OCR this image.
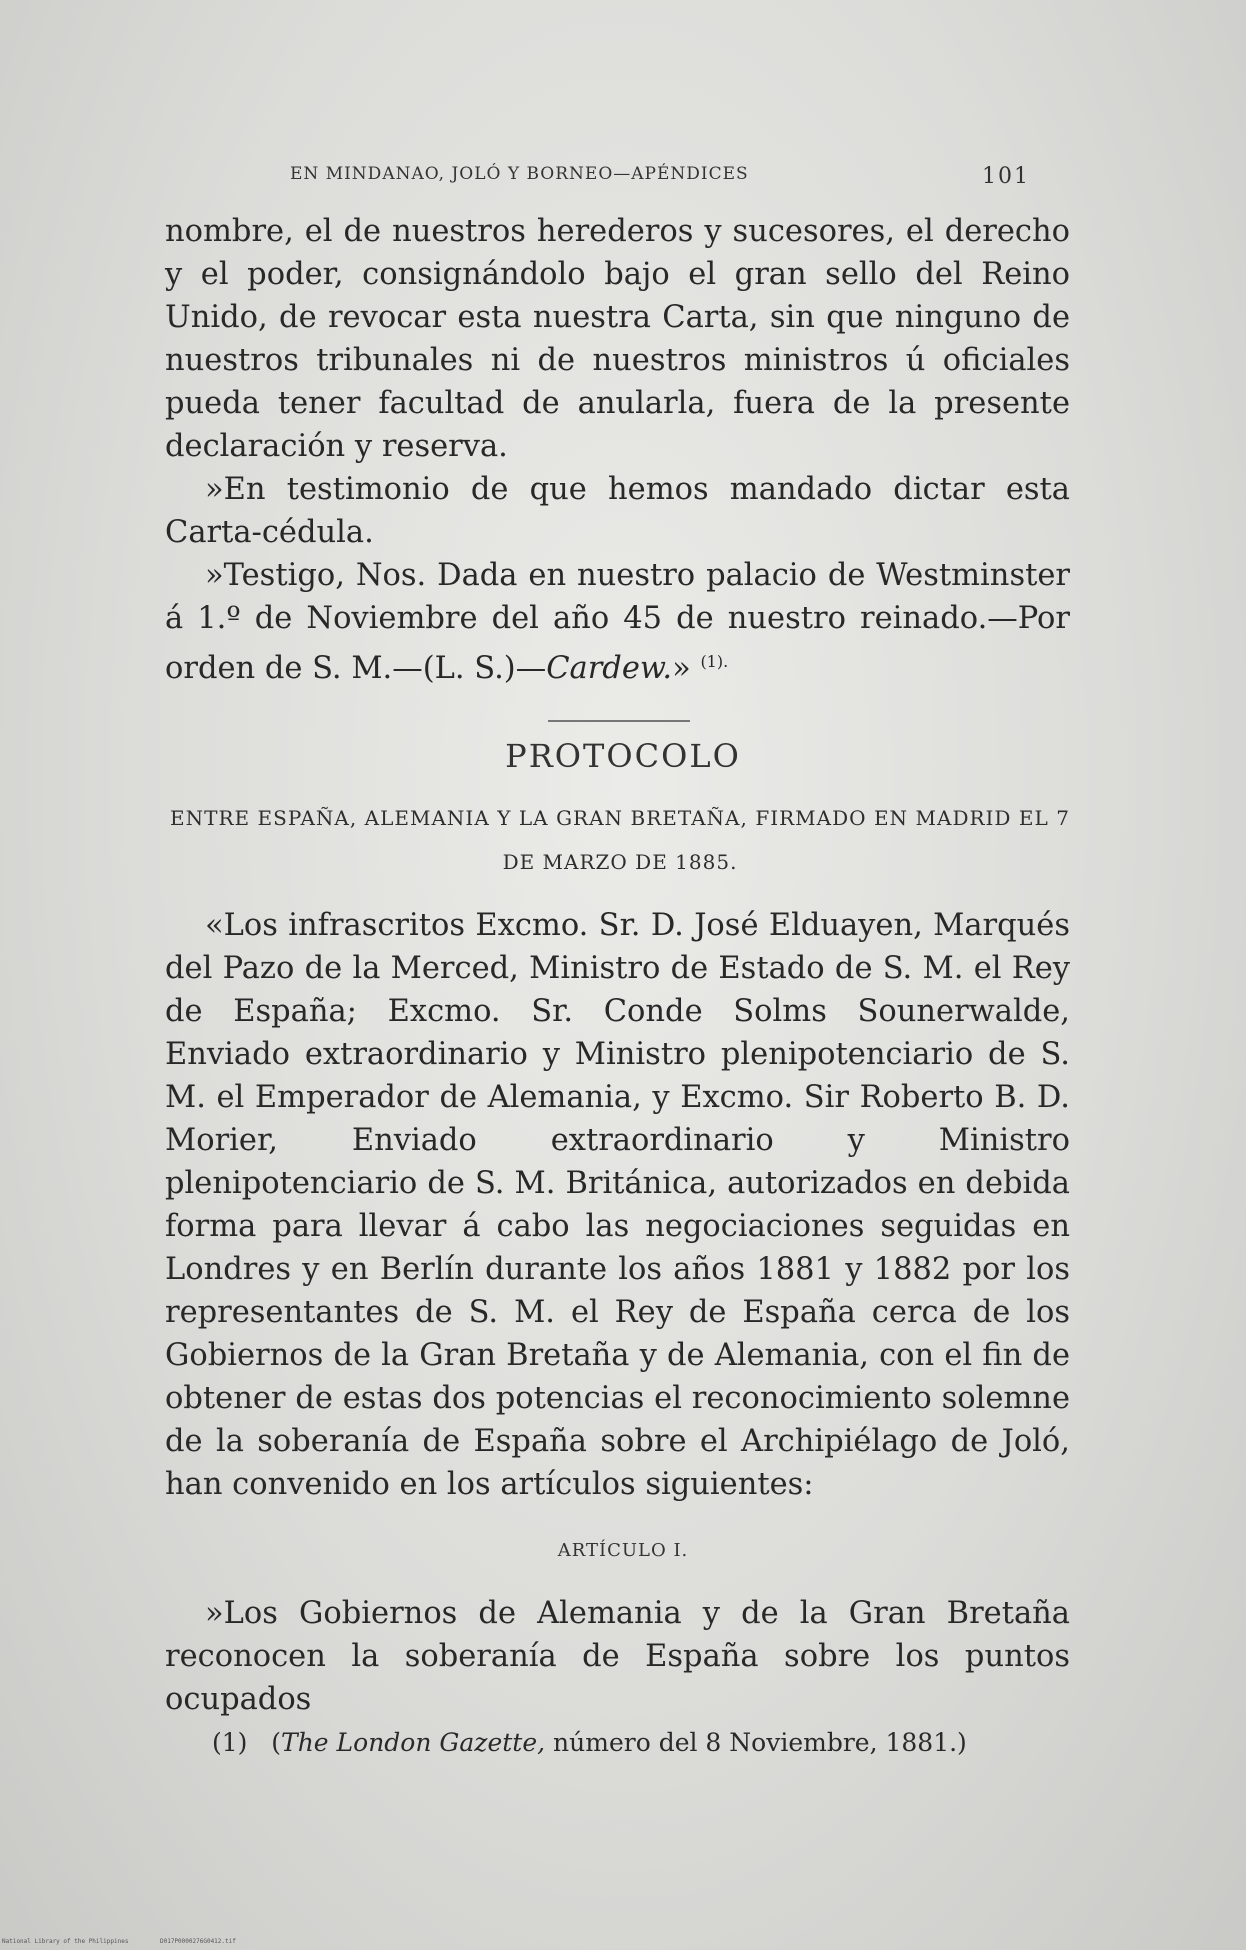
EN MINDANAO, JOLÓ Y BORNEO—APÉNDICES	101

nombre, el de nuestros herederos y sucesores, el derecho y el poder, consignándolo bajo el gran sello del Reino Unido, de revocar esta nuestra Carta, sin que ninguno de nuestros tribunales ni de nuestros ministros ú oficiales pueda tener facultad de anularla, fuera de la presente declaración y reserva.

»En testimonio de que hemos mandado dictar esta Carta-cédula.

»Testigo, Nos. Dada en nuestro palacio de Westminster á 1.º de Noviembre del año 45 de nuestro reinado.—Por orden de S. M.—(L. S.)—Cardew.» $^{(1).}$

PROTOCOLO
ENTRE ESPAÑA, ALEMANIA Y LA GRAN BRETAÑA, FIRMADO EN MADRID EL 7 DE MARZO DE 1885.

«Los infrascritos Excmo. Sr. D. José Elduayen, Marqués del Pazo de la Merced, Ministro de Estado de S. M. el Rey de España; Excmo. Sr. Conde Solms Sounerwalde, Enviado extraordinario y Ministro plenipotenciario de S. M. el Emperador de Alemania, y Excmo. Sir Roberto B. D. Morier, Enviado extraordinario y Ministro plenipotenciario de S. M. Británica, autorizados en debida forma para llevar á cabo las negociaciones seguidas en Londres y en Berlín durante los años 1881 y 1882 por los representantes de S. M. el Rey de España cerca de los Gobiernos de la Gran Bretaña y de Alemania, con el fin de obtener de estas dos potencias el reconocimiento solemne de la soberanía de España sobre el Archipiélago de Joló, han convenido en los artículos siguientes:

ARTÍCULO I.

»Los Gobiernos de Alemania y de la Gran Bretaña reconocen la soberanía de España sobre los puntos ocupados

(1) (The London Gazette, número del 8 Noviembre, 1881.)
National Library of the Philippines	D017P0000276G0412.tif
